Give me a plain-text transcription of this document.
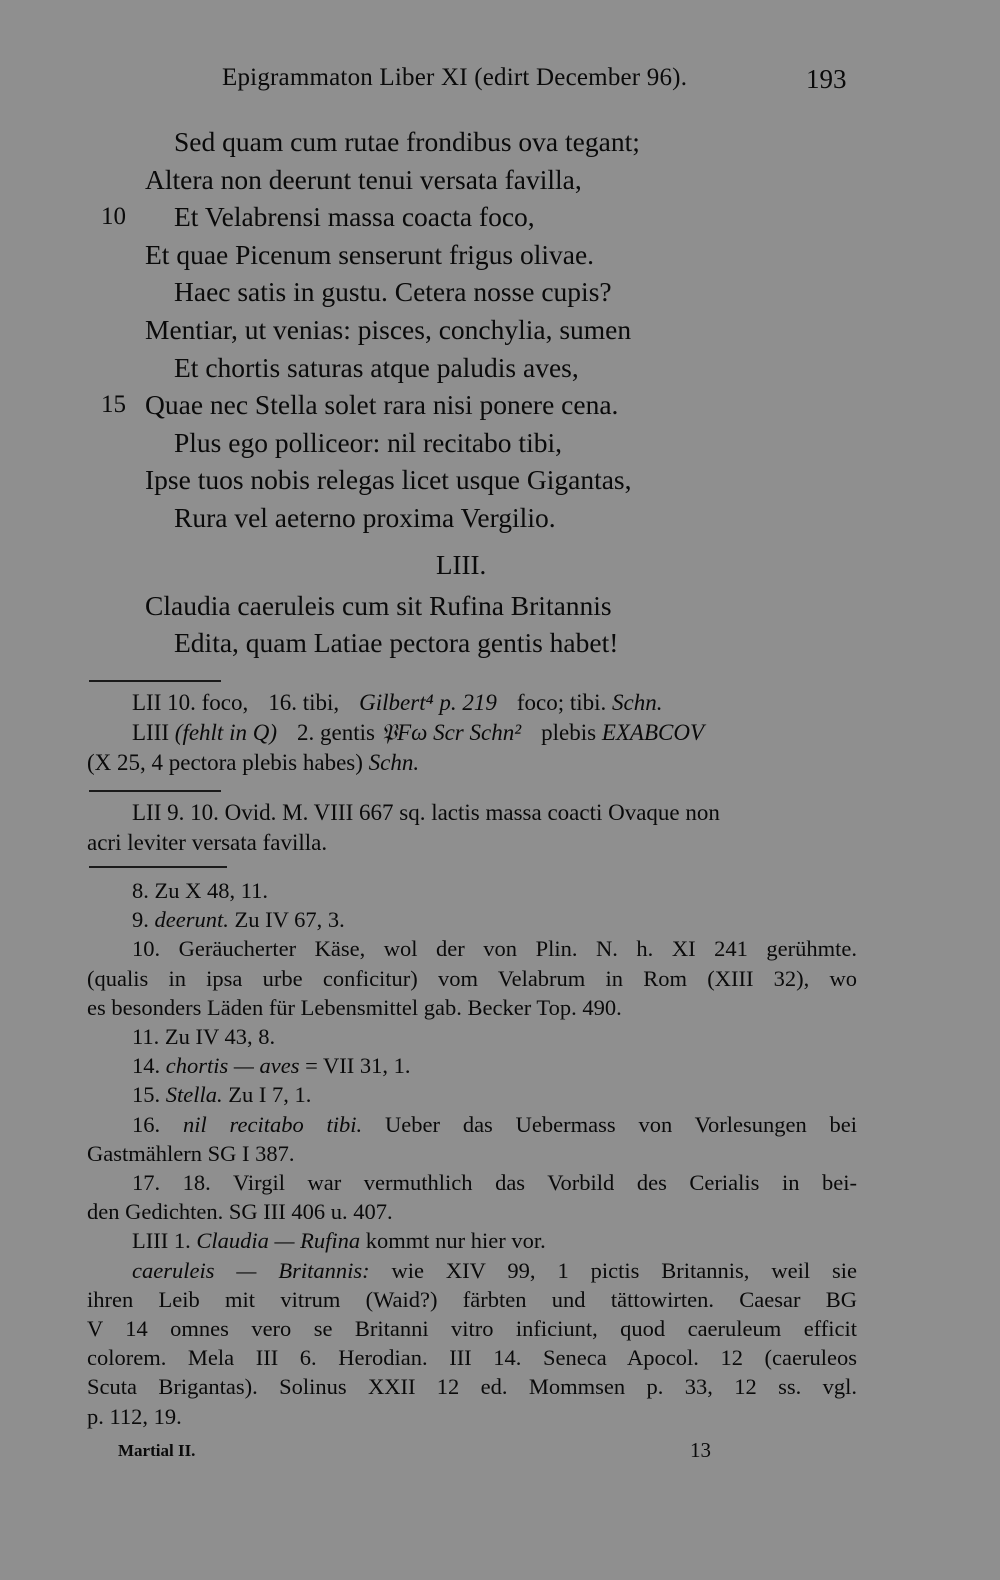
Epigrammaton Liber XI (edirt December 96).	193
Sed quam cum rutae frondibus ova tegant;
Altera non deerunt tenui versata favilla,
10 Et Velabrensi massa coacta foco,
Et quae Picenum senserunt frigus olivae.
Haec satis in gustu. Cetera nosse cupis?
Mentiar, ut venias: pisces, conchylia, sumen
Et chortis saturas atque paludis aves,
15 Quae nec Stella solet rara nisi ponere cena.
Plus ego polliceor: nil recitabo tibi,
Ipse tuos nobis relegas licet usque Gigantas,
Rura vel aeterno proxima Vergilio.
LIII.
Claudia caeruleis cum sit Rufina Britannis
Edita, quam Latiae pectora gentis habet!
LII 10. foco, 16. tibi, Gilbert⁴ p. 219 foco; tibi. Schn.
LIII (fehlt in Q) 2. gentis 𝔓Fω Scr Schn² plebis EXABCOV
(X 25, 4 pectora plebis habes) Schn.
LII 9. 10. Ovid. M. VIII 667 sq. lactis massa coacti Ovaque non
acri leviter versata favilla.
8. Zu X 48, 11.
9. deerunt. Zu IV 67, 3.
10. Geräucherter Käse, wol der von Plin. N. h. XI 241 gerühmte.
(qualis in ipsa urbe conficitur) vom Velabrum in Rom (XIII 32), wo
es besonders Läden für Lebensmittel gab. Becker Top. 490.
11. Zu IV 43, 8.
14. chortis — aves = VII 31, 1.
15. Stella. Zu I 7, 1.
16. nil recitabo tibi. Ueber das Uebermass von Vorlesungen bei
Gastmählern SG I 387.
17. 18. Virgil war vermuthlich das Vorbild des Cerialis in bei-
den Gedichten. SG III 406 u. 407.
LIII 1. Claudia — Rufina kommt nur hier vor.
caeruleis — Britannis: wie XIV 99, 1 pictis Britannis, weil sie
ihren Leib mit vitrum (Waid?) färbten und tättowirten. Caesar BG
V 14 omnes vero se Britanni vitro inficiunt, quod caeruleum efficit
colorem. Mela III 6. Herodian. III 14. Seneca Apocol. 12 (caeruleos
Scuta Brigantas). Solinus XXII 12 ed. Mommsen p. 33, 12 ss. vgl.
p. 112, 19.
Martial II.	13
